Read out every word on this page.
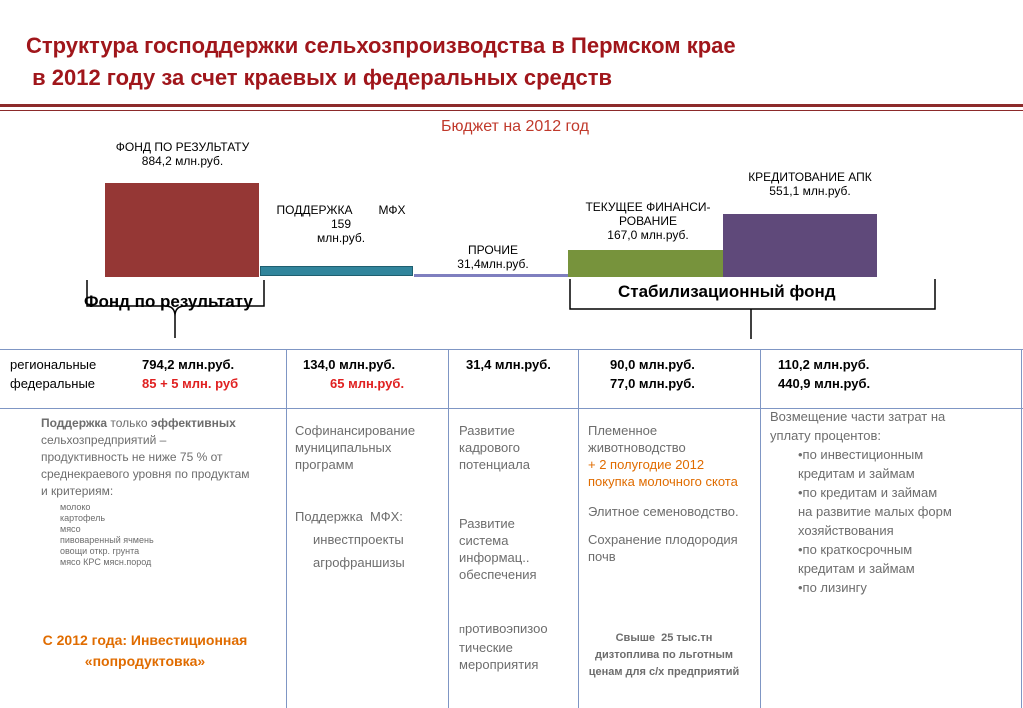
Структура господдержки сельхозпроизводства в Пермском крае
в 2012 году за счет краевых и федеральных средств
Бюджет на 2012 год
ФОНД ПО РЕЗУЛЬТАТУ
884,2 млн.руб.
ПОДДЕРЖКА МФХ
159
млн.руб.
ПРОЧИЕ
31,4млн.руб.
ТЕКУЩЕЕ ФИНАНСИ-
РОВАНИЕ
167,0 млн.руб.
КРЕДИТОВАНИЕ АПК
551,1 млн.руб.
Фонд по результату
Стабилизационный фонд
региональные
федеральные
794,2 млн.руб.
85 + 5 млн. руб
134,0 млн.руб.
65 млн.руб.
31,4 млн.руб.	90,0 млн.руб.
77,0 млн.руб.
110,2 млн.руб.
440,9 млн.руб.
Поддержка только эффективных
сельхозпредприятий –
продуктивность не ниже 75 % от
среднекраевого уровня по продуктам
и критериям:
молоко
картофель
мясо
пивоваренный ячмень
овощи откр. грунта
мясо КРС мясн.пород
С 2012 года: Инвестиционная
«попродуктовка»
Софинансирование
муниципальных
программ
Поддержка  МФХ:
инвестпроекты
агрофраншизы
Развитие
кадрового
потенциала
Развитие
система
информац..
обеспечения
противоэпизоо
тические
мероприятия
Племенное
животноводство
+ 2 полугодие 2012
покупка молочного скота
Элитное семеноводство.
Сохранение плодородия
почв
Свыше  25 тыс.тн
дизтоплива по льготным
ценам для с/х предприятий
Возмещение части затрат на
уплату процентов:
•по инвестиционным
кредитам и займам
•по кредитам и займам
на развитие малых форм
хозяйствования
•по краткосрочным
кредитам и займам
•по лизингу
